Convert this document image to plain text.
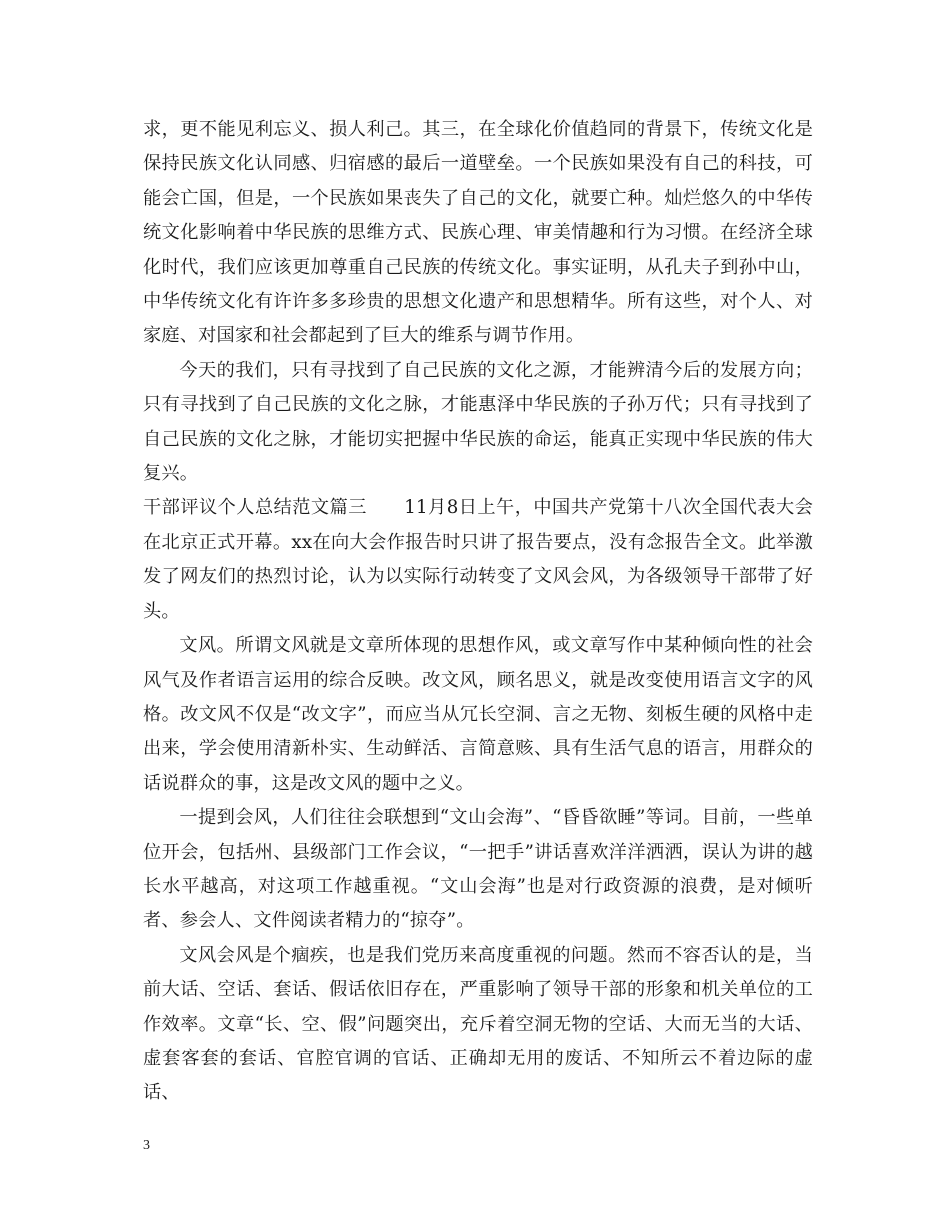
求，更不能见利忘义、损人利己。其三，在全球化价值趋同的背景下，传统文化是保持民族文化认同感、归宿感的最后一道壁垒。一个民族如果没有自己的科技，可能会亡国，但是，一个民族如果丧失了自己的文化，就要亡种。灿烂悠久的中华传统文化影响着中华民族的思维方式、民族心理、审美情趣和行为习惯。在经济全球化时代，我们应该更加尊重自己民族的传统文化。事实证明，从孔夫子到孙中山，中华传统文化有许许多多珍贵的思想文化遗产和思想精华。所有这些，对个人、对家庭、对国家和社会都起到了巨大的维系与调节作用。

今天的我们，只有寻找到了自己民族的文化之源，才能辨清今后的发展方向；只有寻找到了自己民族的文化之脉，才能惠泽中华民族的子孙万代；只有寻找到了自己民族的文化之脉，才能切实把握中华民族的命运，能真正实现中华民族的伟大复兴。

干部评议个人总结范文篇三　　11月8日上午，中国共产党第十八次全国代表大会在北京正式开幕。xx在向大会作报告时只讲了报告要点，没有念报告全文。此举激发了网友们的热烈讨论，认为以实际行动转变了文风会风，为各级领导干部带了好头。

文风。所谓文风就是文章所体现的思想作风，或文章写作中某种倾向性的社会风气及作者语言运用的综合反映。改文风，顾名思义，就是改变使用语言文字的风格。改文风不仅是“改文字”，而应当从冗长空洞、言之无物、刻板生硬的风格中走出来，学会使用清新朴实、生动鲜活、言简意赅、具有生活气息的语言，用群众的话说群众的事，这是改文风的题中之义。

一提到会风，人们往往会联想到“文山会海”、“昏昏欲睡”等词。目前，一些单位开会，包括州、县级部门工作会议，“一把手”讲话喜欢洋洋洒洒，误认为讲的越长水平越高，对这项工作越重视。“文山会海”也是对行政资源的浪费，是对倾听者、参会人、文件阅读者精力的“掠夺”。

文风会风是个痼疾，也是我们党历来高度重视的问题。然而不容否认的是，当前大话、空话、套话、假话依旧存在，严重影响了领导干部的形象和机关单位的工作效率。文章“长、空、假”问题突出，充斥着空洞无物的空话、大而无当的大话、虚套客套的套话、官腔官调的官话、正确却无用的废话、不知所云不着边际的虚话、

3
